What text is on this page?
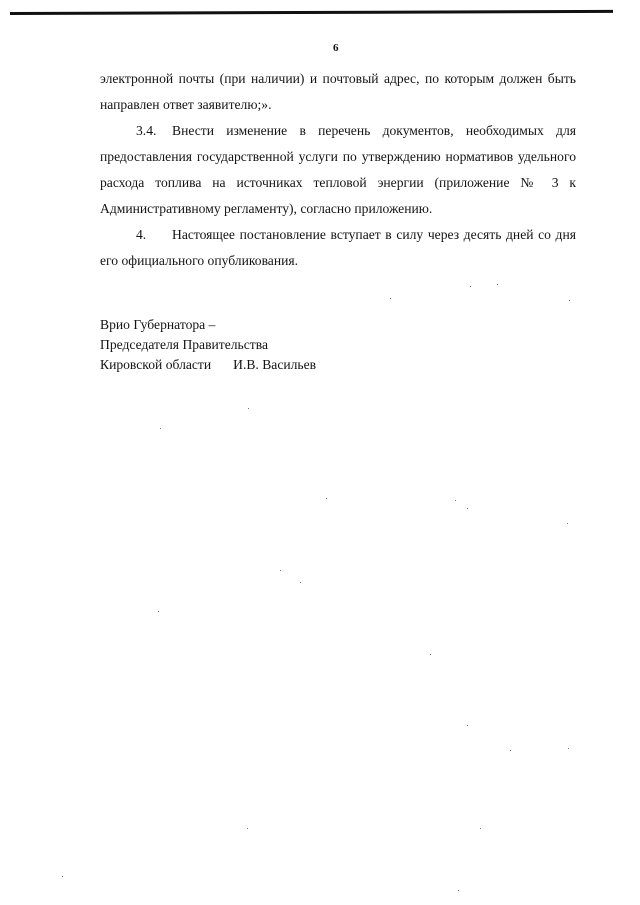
6

электронной почты (при наличии) и почтовый адрес, по которым должен быть направлен ответ заявителю;».

3.4. Внести изменение в перечень документов, необходимых для предоставления государственной услуги по утверждению нормативов удельного расхода топлива на источниках тепловой энергии (приложение № 3 к Административному регламенту), согласно приложению.

4. Настоящее постановление вступает в силу через десять дней со дня его официального опубликования.

Врио Губернатора –
Председателя Правительства
Кировской области И.В. Васильев
